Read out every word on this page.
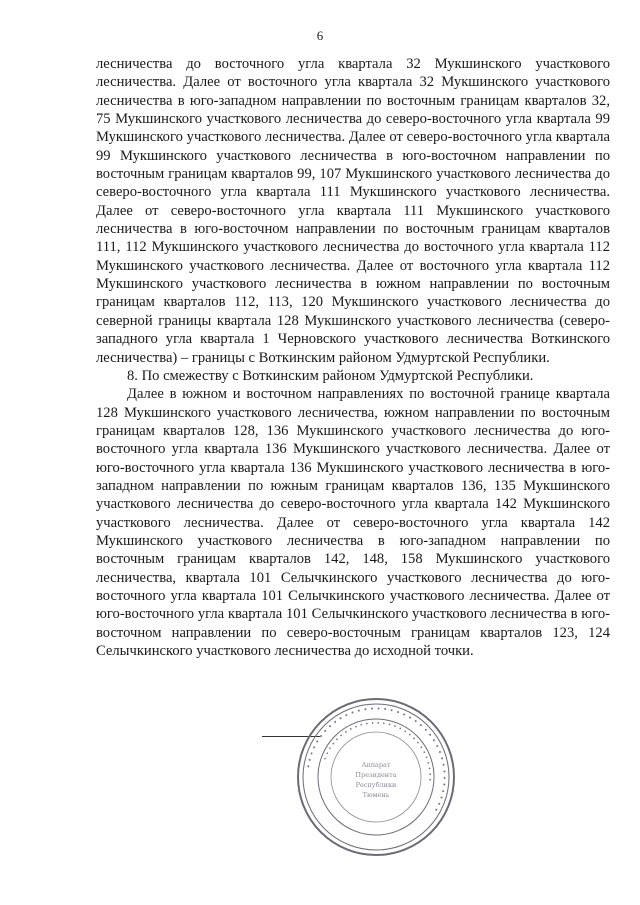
6

лесничества до восточного угла квартала 32 Мукшинского участкового лесничества. Далее от восточного угла квартала 32 Мукшинского участкового лесничества в юго-западном направлении по восточным границам кварталов 32, 75 Мукшинского участкового лесничества до северо-восточного угла квартала 99 Мукшинского участкового лесничества. Далее от северо-восточного угла квартала 99 Мукшинского участкового лесничества в юго-восточном направлении по восточным границам кварталов 99, 107 Мукшинского участкового лесничества до северо-восточного угла квартала 111 Мукшинского участкового лесничества. Далее от северо-восточного угла квартала 111 Мукшинского участкового лесничества в юго-восточном направлении по восточным границам кварталов 111, 112 Мукшинского участкового лесничества до восточного угла квартала 112 Мукшинского участкового лесничества. Далее от восточного угла квартала 112 Мукшинского участкового лесничества в южном направлении по восточным границам кварталов 112, 113, 120 Мукшинского участкового лесничества до северной границы квартала 128 Мукшинского участкового лесничества (северо-западного угла квартала 1 Черновского участкового лесничества Воткинского лесничества) – границы с Воткинским районом Удмуртской Республики.

8. По смежеству с Воткинским районом Удмуртской Республики.

Далее в южном и восточном направлениях по восточной границе квартала 128 Мукшинского участкового лесничества, южном направлении по восточным границам кварталов 128, 136 Мукшинского участкового лесничества до юго-восточного угла квартала 136 Мукшинского участкового лесничества. Далее от юго-восточного угла квартала 136 Мукшинского участкового лесничества в юго-западном направлении по южным границам кварталов 136, 135 Мукшинского участкового лесничества до северо-восточного угла квартала 142 Мукшинского участкового лесничества. Далее от северо-восточного угла квартала 142 Мукшинского участкового лесничества в юго-западном направлении по восточным границам кварталов 142, 148, 158 Мукшинского участкового лесничества, квартала 101 Селычкинского участкового лесничества до юго-восточного угла квартала 101 Селычкинского участкового лесничества. Далее от юго-восточного угла квартала 101 Селычкинского участкового лесничества в юго-восточном направлении по северо-восточным границам кварталов 123, 124 Селычкинского участкового лесничества до исходной точки.

• • • • • • • • • • • • • • • • • • • • • • • • • • • • • • • • • • • • •
• • • • • • • • • • • • • • • • • • • • • • • • • • • •
Аппарат
Президента
Республики
Тюмень
